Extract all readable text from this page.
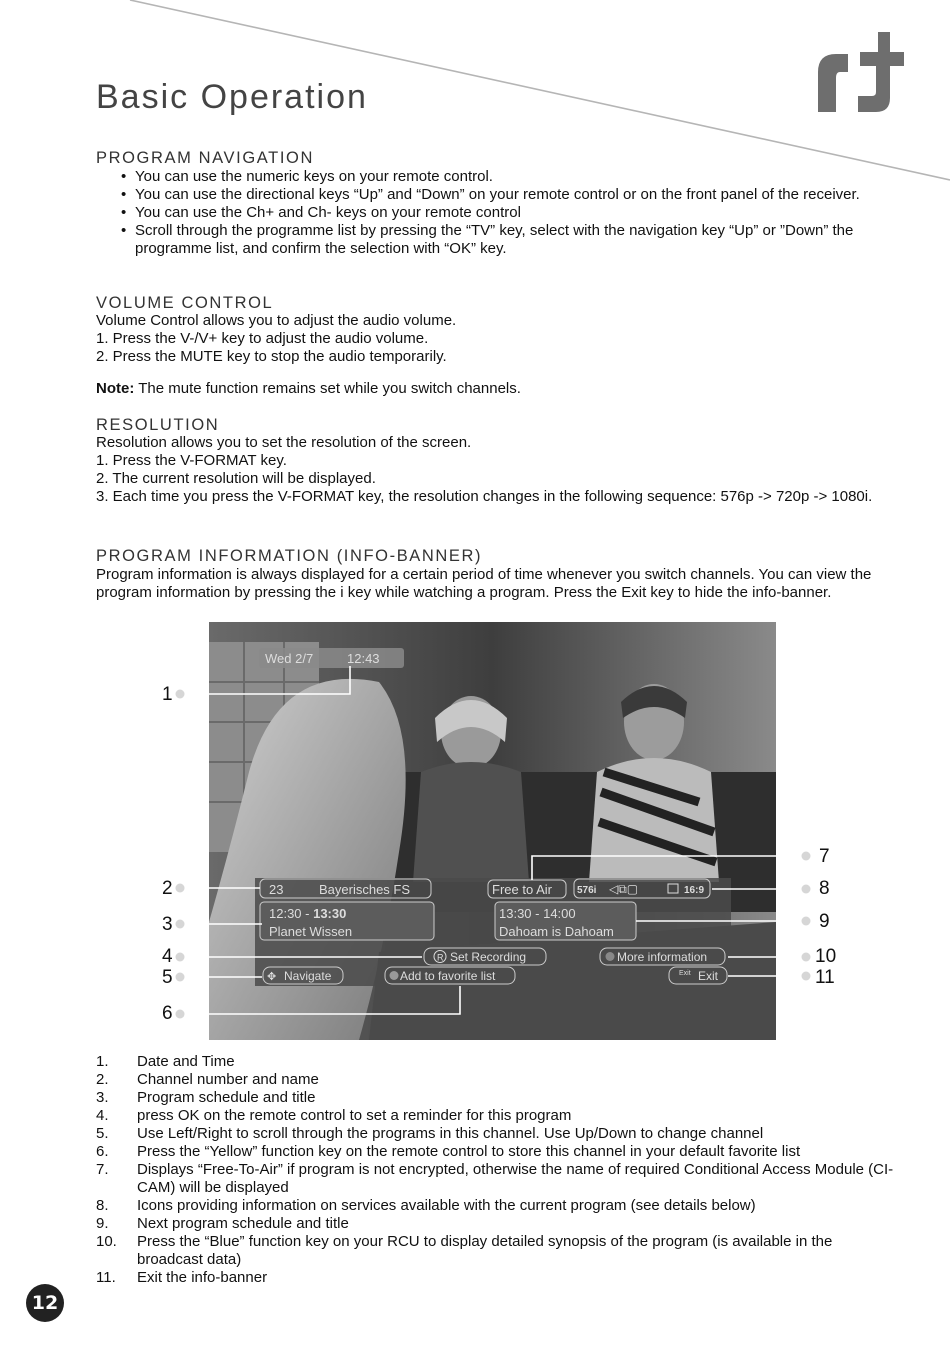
Basic Operation
PROGRAM NAVIGATION
• You can use the numeric keys on your remote control.
• You can use the directional keys “Up” and “Down” on your remote control or on the front panel of the receiver.
• You can use the Ch+ and Ch- keys on your remote control
• Scroll through the programme list by pressing the “TV” key, select with the navigation key “Up” or ”Down” the programme list, and confirm the selection with “OK” key.
VOLUME CONTROL

Volume Control allows you to adjust the audio volume.

1. Press the V-/V+ key to adjust the audio volume.

2. Press the MUTE key to stop the audio temporarily.

Note: The mute function remains set while you switch channels.
RESOLUTION

Resolution allows you to set the resolution of the screen.

1. Press the V-FORMAT key.

2. The current resolution will be displayed.

3. Each time you press the V-FORMAT key, the resolution changes in the following sequence: 576p -> 720p -> 1080i.

PROGRAM INFORMATION (INFO-BANNER)

Program information is always displayed for a certain period of time whenever you switch channels. You can view the program information by pressing the i key while watching a program. Press the Exit key to hide the info-banner.

Wed 2/7	12:43
23	Bayerisches FS	Free to Air	576i ◁⧉▢	16:9
12:30 - 13:30
Planet Wissen
13:30 - 14:00
Dahoam is Dahoam
R Set Recording	More information
✥ Navigate	Add to favorite list	Exit Exit
1
2
3
4
5
6
7
8
9
10
11
1. Date and Time
2. Channel number and name
3. Program schedule and title
4. press OK on the remote control to set a reminder for this program
5. Use Left/Right to scroll through the programs in this channel. Use Up/Down to change channel
6. Press the “Yellow” function key on the remote control to store this channel in your default favorite list
7. Displays “Free-To-Air” if program is not encrypted, otherwise the name of required Conditional Access Module (CI-CAM) will be displayed
8. Icons providing information on services available with the current program (see details below)
9. Next program schedule and title
10. Press the “Blue” function key on your RCU to display detailed synopsis of the program (is available in the broadcast data)
11. Exit the info-banner
12
